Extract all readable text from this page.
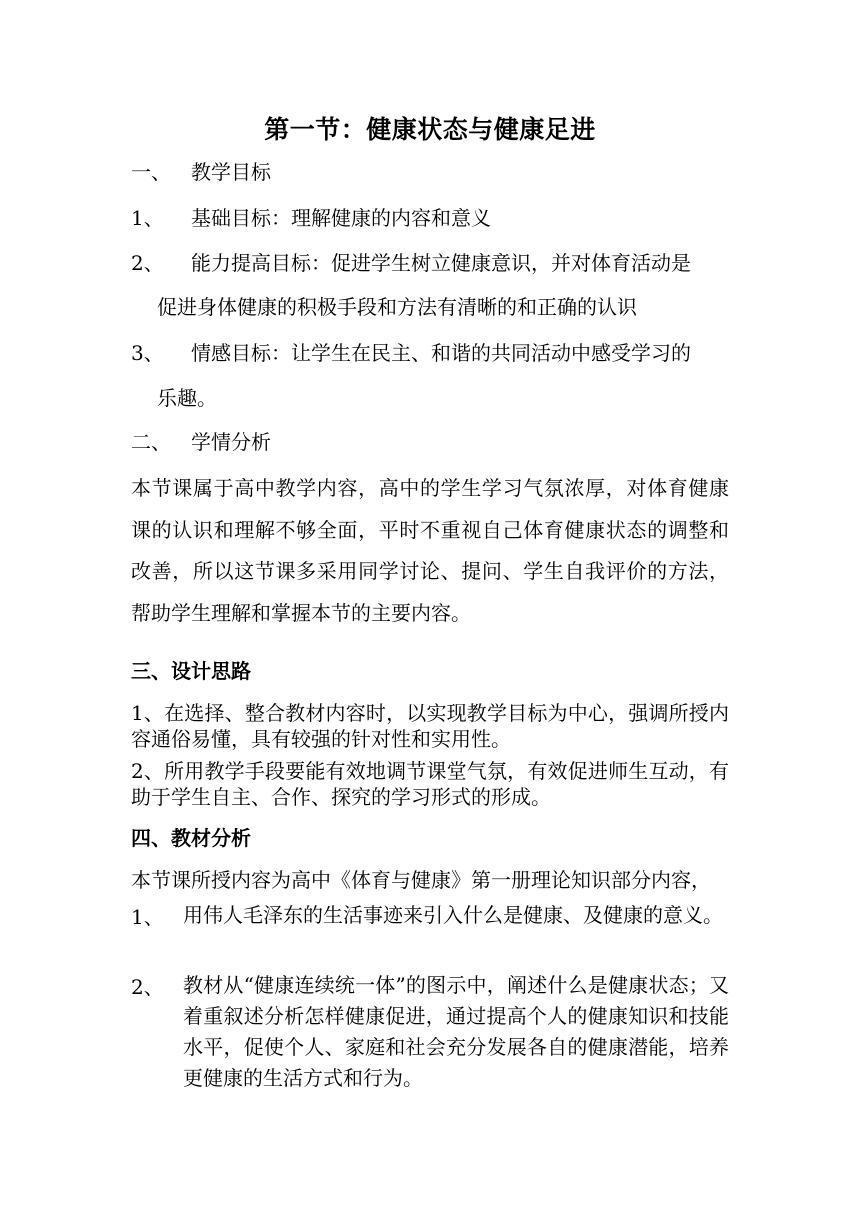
第一节：健康状态与健康足进
一、 教学目标
1、 基础目标：理解健康的内容和意义
2、 能力提高目标：促进学生树立健康意识，并对体育活动是
促进身体健康的积极手段和方法有清晰的和正确的认识
3、 情感目标：让学生在民主、和谐的共同活动中感受学习的
乐趣。
二、 学情分析
本节课属于高中教学内容，高中的学生学习气氛浓厚，对体育健康课的认识和理解不够全面，平时不重视自己体育健康状态的调整和改善，所以这节课多采用同学讨论、提问、学生自我评价的方法，帮助学生理解和掌握本节的主要内容。
三、设计思路
1、在选择、整合教材内容时，以实现教学目标为中心，强调所授内容通俗易懂，具有较强的针对性和实用性。
2、所用教学手段要能有效地调节课堂气氛，有效促进师生互动，有助于学生自主、合作、探究的学习形式的形成。
四、教材分析
本节课所授内容为高中《体育与健康》第一册理论知识部分内容，
1、 用伟人毛泽东的生活事迹来引入什么是健康、及健康的意义。
2、 教材从“健康连续统一体”的图示中，阐述什么是健康状态；又着重叙述分析怎样健康促进，通过提高个人的健康知识和技能水平，促使个人、家庭和社会充分发展各自的健康潜能，培养更健康的生活方式和行为。
